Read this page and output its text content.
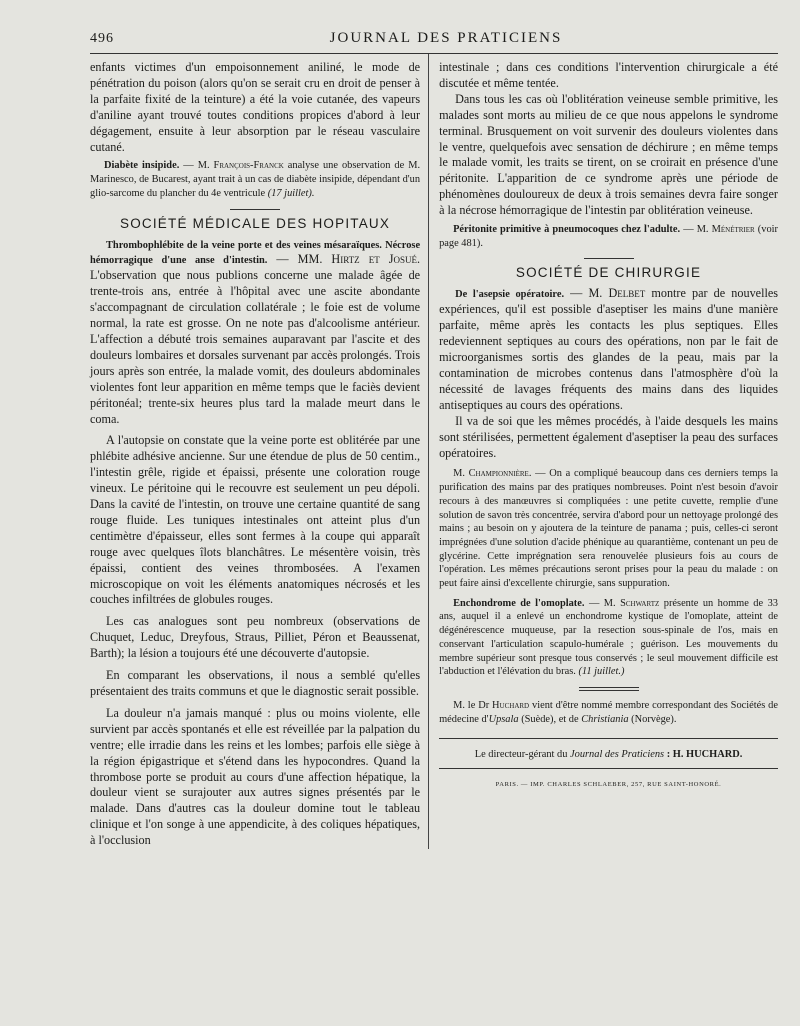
496	JOURNAL DES PRATICIENS

enfants victimes d'un empoisonnement aniliné, le mode de pénétration du poison (alors qu'on se serait cru en droit de penser à la parfaite fixité de la teinture) a été la voie cutanée, des vapeurs d'aniline ayant trouvé toutes conditions propices d'abord à leur dégagement, ensuite à leur absorption par le réseau vasculaire cutané.

Diabète insipide. — M. François-Franck analyse une observation de M. Marinesco, de Bucarest, ayant trait à un cas de diabète insipide, dépendant d'un glio-sarcome du plancher du 4e ventricule (17 juillet).

SOCIÉTÉ MÉDICALE DES HOPITAUX

Thrombophlébite de la veine porte et des veines mésaraïques. Nécrose hémorragique d'une anse d'intestin. — MM. Hirtz et Josué. L'observation que nous publions concerne une malade âgée de trente-trois ans, entrée à l'hôpital avec une ascite abondante s'accompagnant de circulation collatérale ; le foie est de volume normal, la rate est grosse. On ne note pas d'alcoolisme antérieur. L'affection a débuté trois semaines auparavant par l'ascite et des douleurs lombaires et dorsales survenant par accès prolongés. Trois jours après son entrée, la malade vomit, des douleurs abdominales violentes font leur apparition en même temps que le faciès devient péritonéal; trente-six heures plus tard la malade meurt dans le coma.

A l'autopsie on constate que la veine porte est oblitérée par une phlébite adhésive ancienne. Sur une étendue de plus de 50 centim., l'intestin grêle, rigide et épaissi, présente une coloration rouge vineux. Le péritoine qui le recouvre est seulement un peu dépoli. Dans la cavité de l'intestin, on trouve une certaine quantité de sang rouge fluide. Les tuniques intestinales ont atteint plus d'un centimètre d'épaisseur, elles sont fermes à la coupe qui apparaît rouge avec quelques îlots blanchâtres. Le mésentère voisin, très épaissi, contient des veines thrombosées. A l'examen microscopique on voit les éléments anatomiques nécrosés et les couches infiltrées de globules rouges.

Les cas analogues sont peu nombreux (observations de Chuquet, Leduc, Dreyfous, Straus, Pilliet, Péron et Beaussenat, Barth); la lésion a toujours été une découverte d'autopsie.

En comparant les observations, il nous a semblé qu'elles présentaient des traits communs et que le diagnostic serait possible.

La douleur n'a jamais manqué : plus ou moins violente, elle survient par accès spontanés et elle est réveillée par la palpation du ventre; elle irradie dans les reins et les lombes; parfois elle siège à la région épigastrique et s'étend dans les hypocondres. Quand la thrombose porte se produit au cours d'une affection hépatique, la douleur vient se surajouter aux autres signes présentés par le malade. Dans d'autres cas la douleur domine tout le tableau clinique et l'on songe à une appendicite, à des coliques hépatiques, à l'occlusion

intestinale ; dans ces conditions l'intervention chirurgicale a été discutée et même tentée.

Dans tous les cas où l'oblitération veineuse semble primitive, les malades sont morts au milieu de ce que nous appelons le syndrome terminal. Brusquement on voit survenir des douleurs violentes dans le ventre, quelquefois avec sensation de déchirure ; en même temps le malade vomit, les traits se tirent, on se croirait en présence d'une péritonite. L'apparition de ce syndrome après une période de phénomènes douloureux de deux à trois semaines devra faire songer à la nécrose hémorragique de l'intestin par oblitération veineuse.

Péritonite primitive à pneumocoques chez l'adulte. — M. Ménétrier (voir page 481).

SOCIÉTÉ DE CHIRURGIE

De l'asepsie opératoire. — M. Delbet montre par de nouvelles expériences, qu'il est possible d'aseptiser les mains d'une manière parfaite, même après les contacts les plus septiques. Elles redeviennent septiques au cours des opérations, non par le fait de microorganismes sortis des glandes de la peau, mais par la contamination de microbes contenus dans l'atmosphère d'où la nécessité de lavages fréquents des mains dans des liquides antiseptiques au cours des opérations.

Il va de soi que les mêmes procédés, à l'aide desquels les mains sont stérilisées, permettent également d'aseptiser la peau des surfaces opératoires.

M. Championnière. — On a compliqué beaucoup dans ces derniers temps la purification des mains par des pratiques nombreuses. Point n'est besoin d'avoir recours à des manœuvres si compliquées : une petite cuvette, remplie d'une solution de savon très concentrée, servira d'abord pour un nettoyage prolongé des mains ; au besoin on y ajoutera de la teinture de panama ; puis, celles-ci seront imprégnées d'une solution d'acide phénique au quarantième, contenant un peu de glycérine. Cette imprégnation sera renouvelée plusieurs fois au cours de l'opération. Les mêmes précautions seront prises pour la peau du malade : on peut faire ainsi d'excellente chirurgie, sans suppuration.

Enchondrome de l'omoplate. — M. Schwartz présente un homme de 33 ans, auquel il a enlevé un enchondrome kystique de l'omoplate, atteint de dégénérescence muqueuse, par la resection sous-spinale de l'os, mais en conservant l'articulation scapulo-humérale ; guérison. Les mouvements du membre supérieur sont presque tous conservés ; le seul mouvement difficile est l'abduction et l'élévation du bras. (11 juillet.)

M. le Dr Huchard vient d'être nommé membre correspondant des Sociétés de médecine d'Upsala (Suède), et de Christiania (Norvège).

Le directeur-gérant du Journal des Praticiens : H. HUCHARD.
PARIS. — IMP. CHARLES SCHLAEBER, 257, RUE SAINT-HONORÉ.
